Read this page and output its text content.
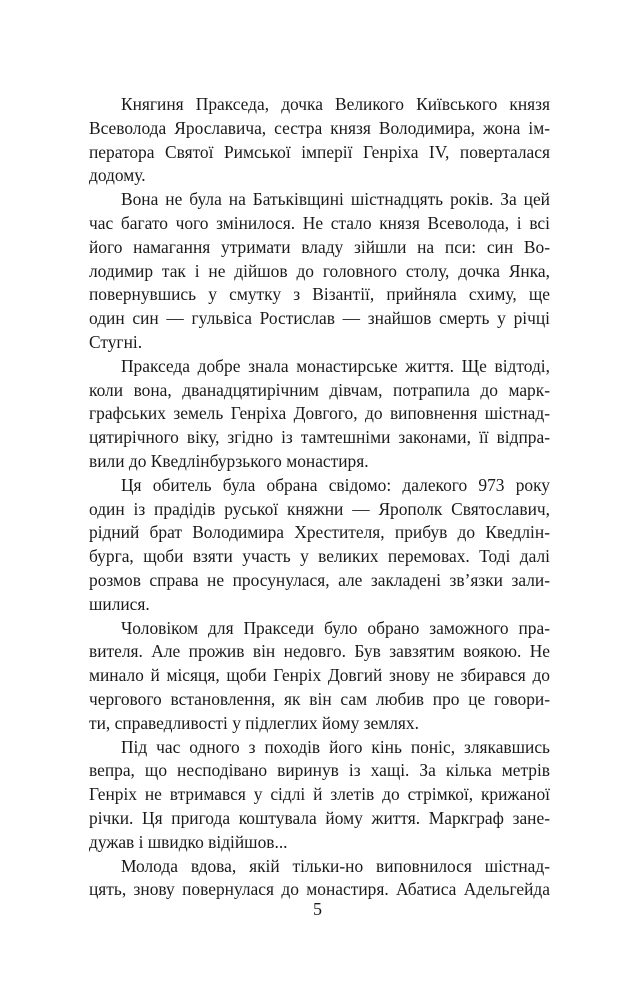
Княгиня Пракседа, дочка Великого Київського князя
Всеволода Ярославича, сестра князя Володимира, жона ім-
ператора Святої Римської імперії Генріха IV, поверталася
додому.
Вона не була на Батьківщині шістнадцять років. За цей
час багато чого змінилося. Не стало князя Всеволода, і всі
його намагання утримати владу зійшли на пси: син Во-
лодимир так і не дійшов до головного столу, дочка Янка,
повернувшись у смутку з Візантії, прийняла схиму, ще
один син — гульвіса Ростислав — знайшов смерть у річці
Стугні.
Пракседа добре знала монастирське життя. Ще відтоді,
коли вона, дванадцятирічним дівчам, потрапила до марк-
графських земель Генріха Довгого, до виповнення шістнад-
цятирічного віку, згідно із тамтешніми законами, її відпра-
вили до Кведлінбурзького монастиря.
Ця обитель була обрана свідомо: далекого 973 року
один із прадідів руської княжни — Ярополк Святославич,
рідний брат Володимира Хрестителя, прибув до Кведлін-
бурга, щоби взяти участь у великих перемовах. Тоді далі
розмов справа не просунулася, але закладені зв’язки зали-
шилися.
Чоловіком для Пракседи було обрано заможного пра-
вителя. Але прожив він недовго. Був завзятим воякою. Не
минало й місяця, щоби Генріх Довгий знову не збирався до
чергового встановлення, як він сам любив про це говори-
ти, справедливості у підлеглих йому землях.
Під час одного з походів його кінь поніс, злякавшись
вепра, що несподівано виринув із хащі. За кілька метрів
Генріх не втримався у сідлі й злетів до стрімкої, крижаної
річки. Ця пригода коштувала йому життя. Маркграф зане-
дужав і швидко відійшов...
Молода вдова, якій тільки-но виповнилося шістнад-
цять, знову повернулася до монастиря. Абатиса Адельгейда
5
